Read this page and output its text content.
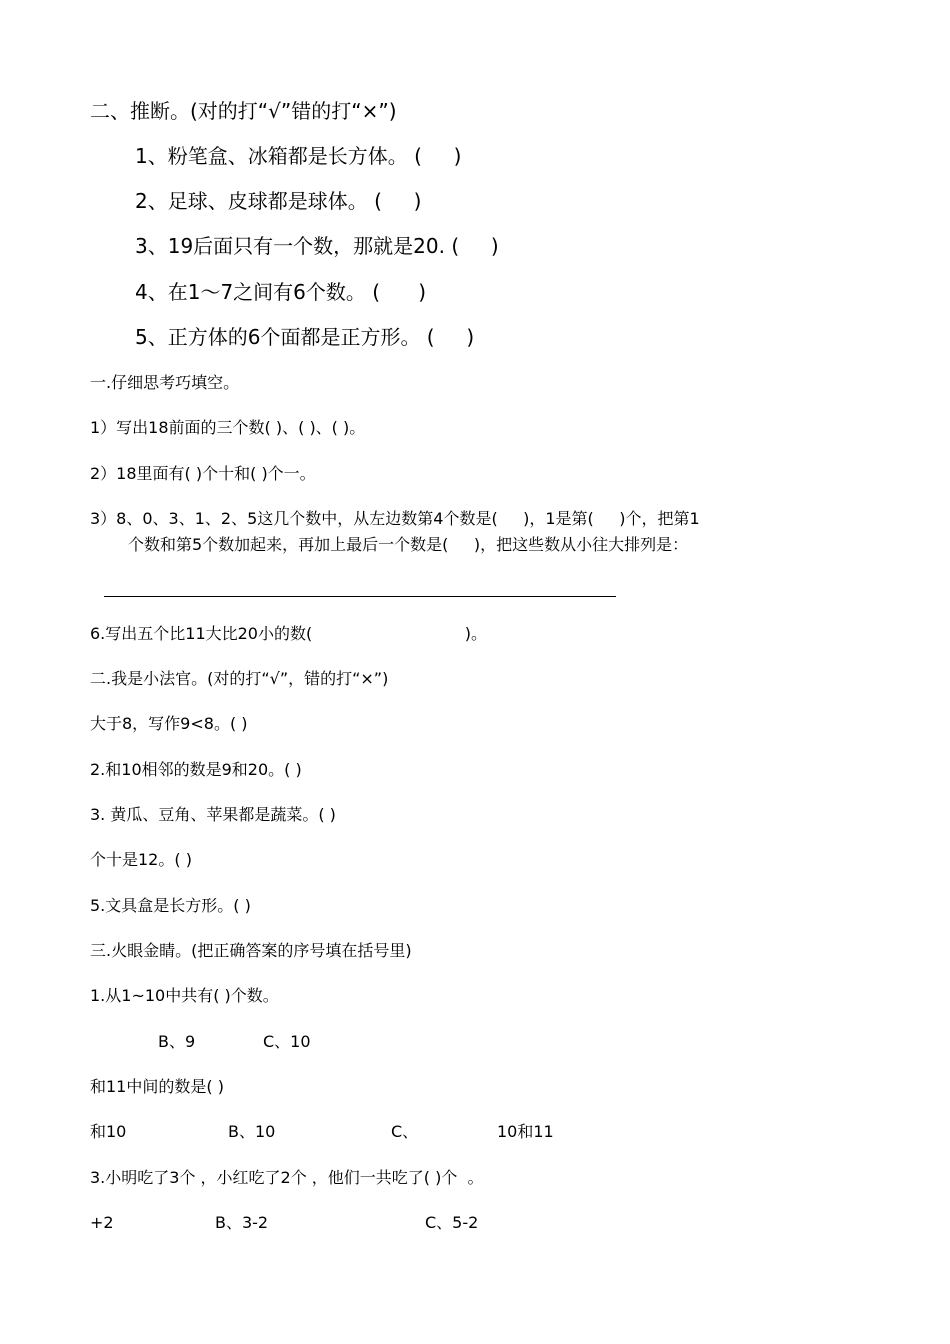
二、推断。(对的打“√”错的打“×”)
1、粉笔盒、冰箱都是长方体。 (     )
2、足球、皮球都是球体。 (     )
3、19后面只有一个数，那就是20. (     )
4、在1～7之间有6个数。 (      )
5、正方体的6个面都是正方形。 (     )
一.仔细思考巧填空。
1）写出18前面的三个数( )、( )、( )。
2）18里面有( )个十和( )个一。
3）8、0、3、1、2、5这几个数中，从左边数第4个数是(     )，1是第(     )个，把第1
个数和第5个数加起来，再加上最后一个数是(     )，把这些数从小往大排列是：
6.写出五个比11大比20小的数(                              )。
二.我是小法官。(对的打“√”，错的打“×”)
大于8，写作9<8。( )
2.和10相邻的数是9和20。( )
3. 黄瓜、豆角、苹果都是蔬菜。( )
个十是12。( )
5.文具盒是长方形。( )
三.火眼金睛。(把正确答案的序号填在括号里)
1.从1~10中共有( )个数。
B、9	C、10
和11中间的数是( )
和10	B、10	C、	10和11
3.小明吃了3个 ，小红吃了2个 ，他们一共吃了( )个  。
+2	B、3-2	C、5-2
